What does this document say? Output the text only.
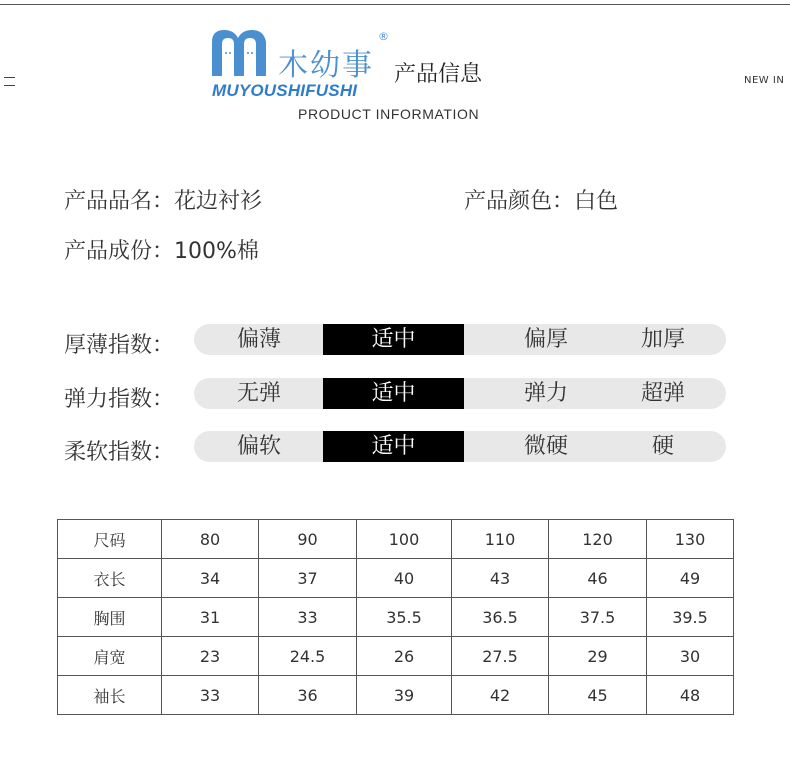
NEW IN
木幼事
®
MUYOUSHIFUSHI
产品信息
PRODUCT INFORMATION
产品品名：花边衬衫	产品颜色：白色
产品成份：100%棉
厚薄指数：	偏薄	适中	偏厚	加厚
弹力指数：	无弹	适中	弹力	超弹
柔软指数：	偏软	适中	微硬	硬
尺码	80	90	100	110	120	130
衣长	34	37	40	43	46	49
胸围	31	33	35.5	36.5	37.5	39.5
肩宽	23	24.5	26	27.5	29	30
袖长	33	36	39	42	45	48
